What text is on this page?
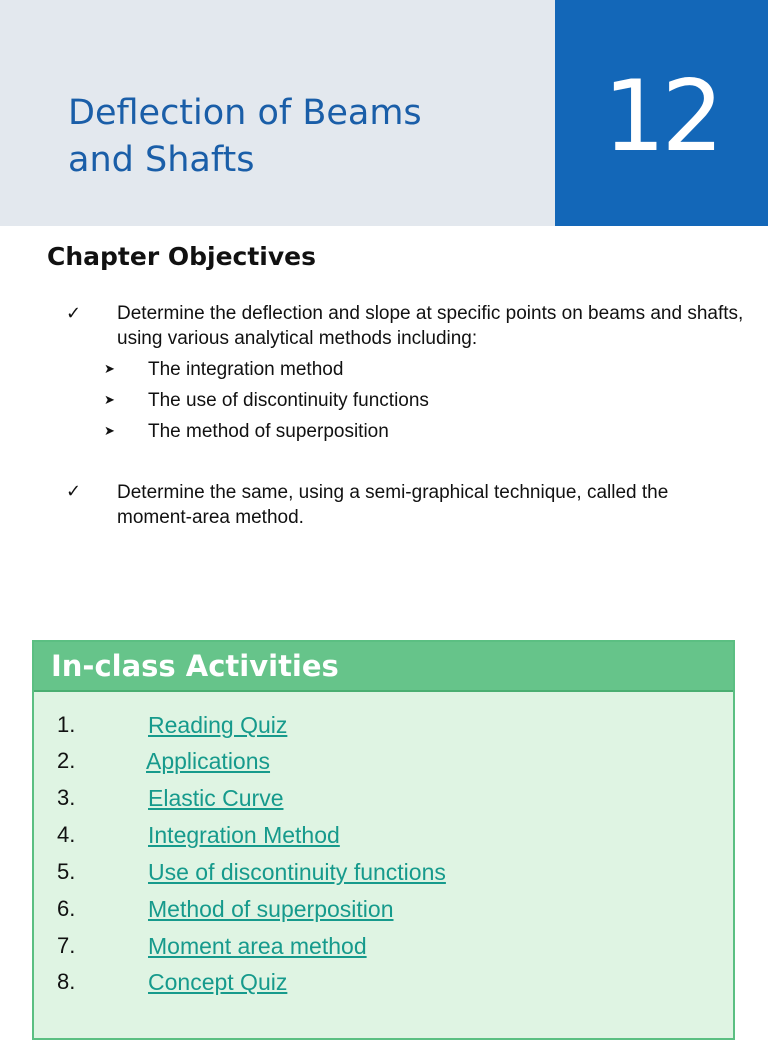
Deflection of Beams
and Shafts	12
Chapter Objectives
✓ Determine the deflection and slope at specific points on beams and shafts, using various analytical methods including:
➤ The integration method
➤ The use of discontinuity functions
➤ The method of superposition
✓ Determine the same, using a semi-graphical technique, called the moment-area method.
In-class Activities
1.	Reading Quiz
2.	Applications
3.	Elastic Curve
4.	Integration Method
5.	Use of discontinuity functions
6.	Method of superposition
7.	Moment area method
8.	Concept Quiz
